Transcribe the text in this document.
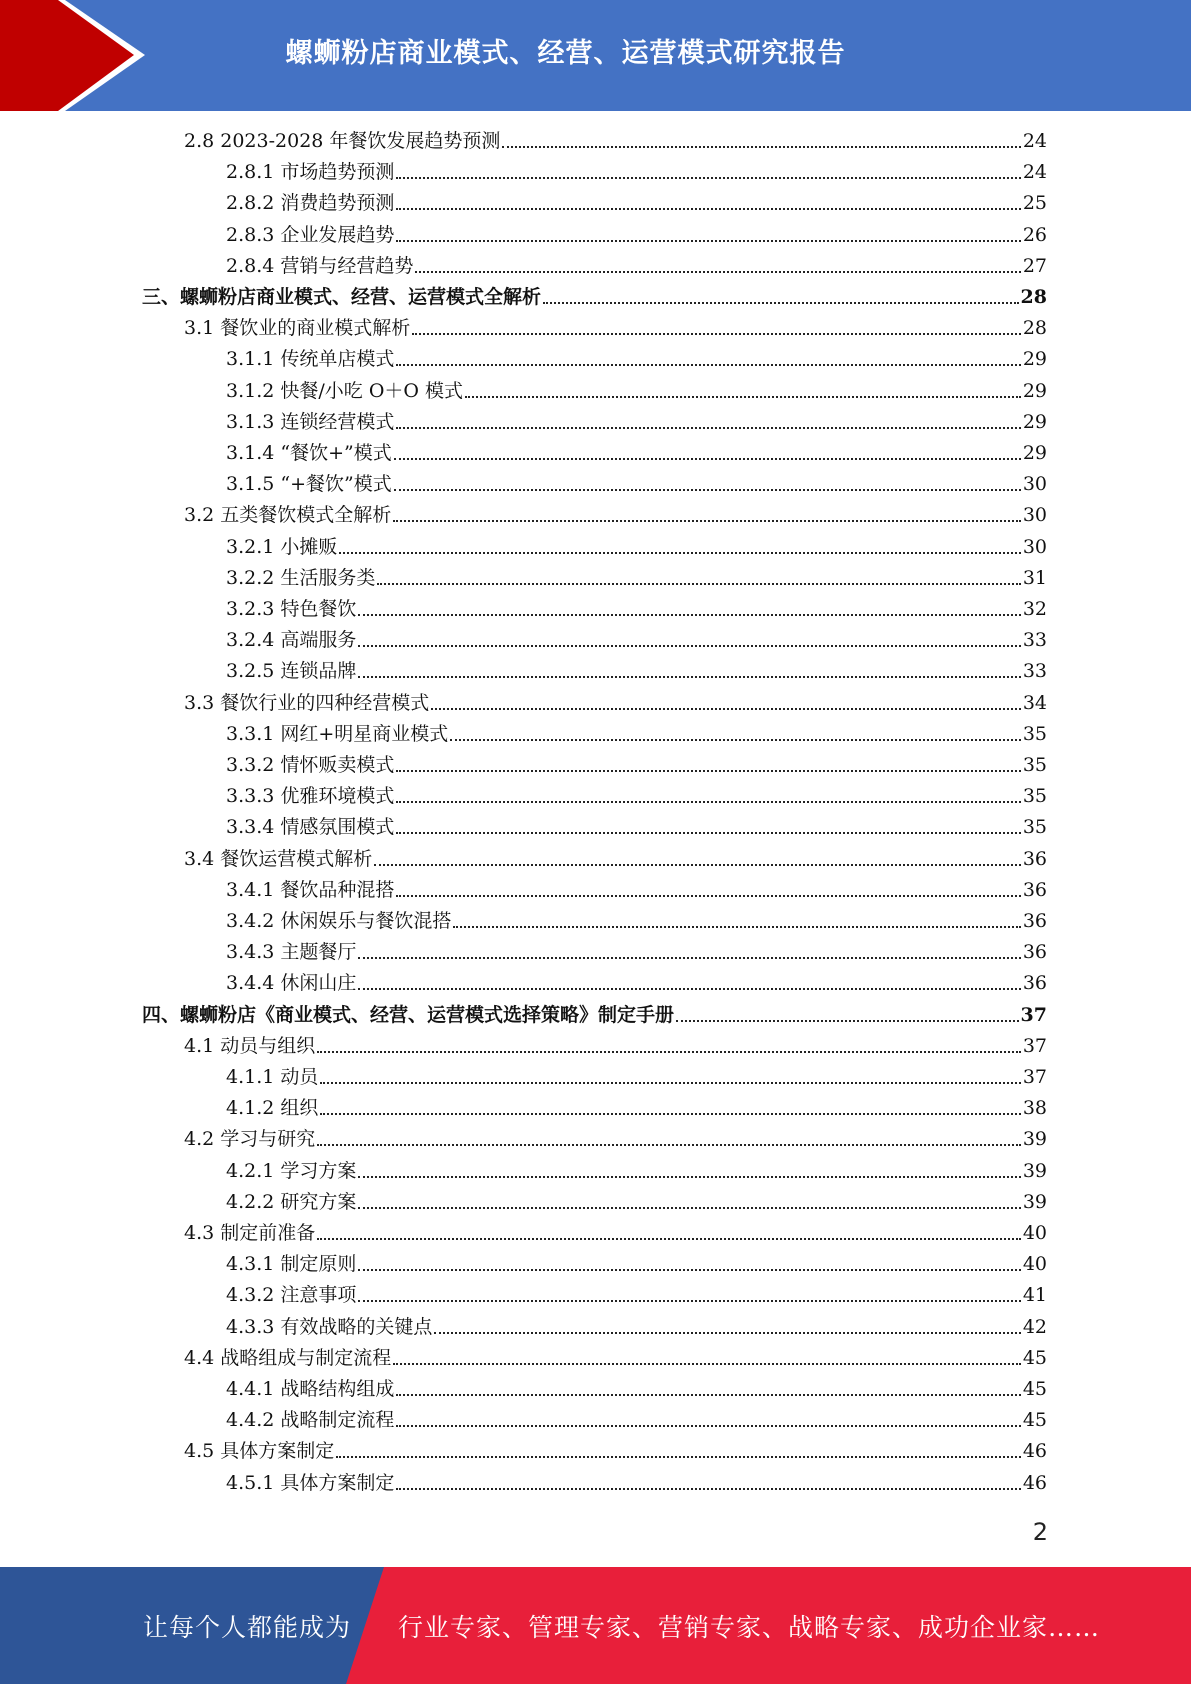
螺蛳粉店商业模式、经营、运营模式研究报告
2.8 2023-2028 年餐饮发展趋势预测	24
2.8.1 市场趋势预测	24
2.8.2 消费趋势预测	25
2.8.3 企业发展趋势	26
2.8.4 营销与经营趋势	27
三、螺蛳粉店商业模式、经营、运营模式全解析	28
3.1 餐饮业的商业模式解析	28
3.1.1 传统单店模式	29
3.1.2 快餐/小吃 O＋O 模式	29
3.1.3 连锁经营模式	29
3.1.4 “餐饮+”模式	29
3.1.5 “+餐饮”模式	30
3.2 五类餐饮模式全解析	30
3.2.1 小摊贩	30
3.2.2 生活服务类	31
3.2.3 特色餐饮	32
3.2.4 高端服务	33
3.2.5 连锁品牌	33
3.3 餐饮行业的四种经营模式	34
3.3.1 网红+明星商业模式	35
3.3.2 情怀贩卖模式	35
3.3.3 优雅环境模式	35
3.3.4 情感氛围模式	35
3.4 餐饮运营模式解析	36
3.4.1 餐饮品种混搭	36
3.4.2 休闲娱乐与餐饮混搭	36
3.4.3 主题餐厅	36
3.4.4 休闲山庄	36
四、螺蛳粉店《商业模式、经营、运营模式选择策略》制定手册	37
4.1 动员与组织	37
4.1.1 动员	37
4.1.2 组织	38
4.2 学习与研究	39
4.2.1 学习方案	39
4.2.2 研究方案	39
4.3 制定前准备	40
4.3.1 制定原则	40
4.3.2 注意事项	41
4.3.3 有效战略的关键点	42
4.4 战略组成与制定流程	45
4.4.1 战略结构组成	45
4.4.2 战略制定流程	45
4.5 具体方案制定	46
4.5.1 具体方案制定	46
2
让每个人都能成为 行业专家、管理专家、营销专家、战略专家、成功企业家……
